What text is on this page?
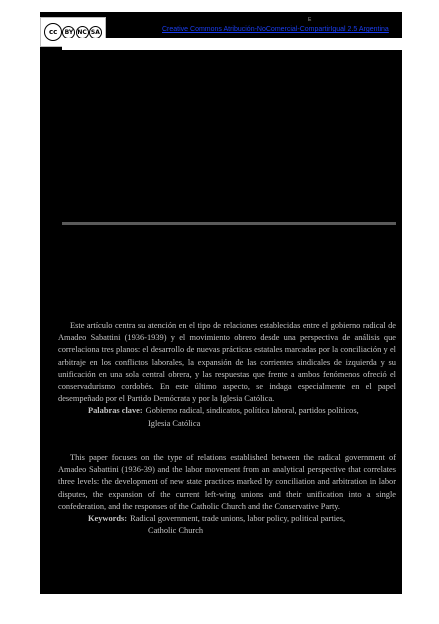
cc	BY NC SA
E
Creative Commons Atribución-NoComercial-CompartirIgual 2.5 Argentina

Este artículo centra su atención en el tipo de relaciones establecidas entre el gobierno radical de Amadeo Sabattini (1936-1939) y el movimiento obrero desde una perspectiva de análisis que correlaciona tres planos: el desarrollo de nuevas prácticas estatales marcadas por la conciliación y el arbitraje en los conflictos laborales, la expansión de las corrientes sindicales de izquierda y su unificación en una sola central obrera, y las respuestas que frente a ambos fenómenos ofreció el conservadurismo cordobés. En este último aspecto, se indaga especialmente en el papel desempeñado por el Partido Demócrata y por la Iglesia Católica.

Palabras clave: Gobierno radical, sindicatos, política laboral, partidos políticos,
Iglesia Católica

This paper focuses on the type of relations established between the radical government of Amadeo Sabattini (1936-39) and the labor movement from an analytical perspective that correlates three levels: the development of new state practices marked by conciliation and arbitration in labor disputes, the expansion of the current left-wing unions and their unification into a single confederation, and the responses of the Catholic Church and the Conservative Party.

Keywords: Radical government, trade unions, labor policy, political parties,
Catholic Church
